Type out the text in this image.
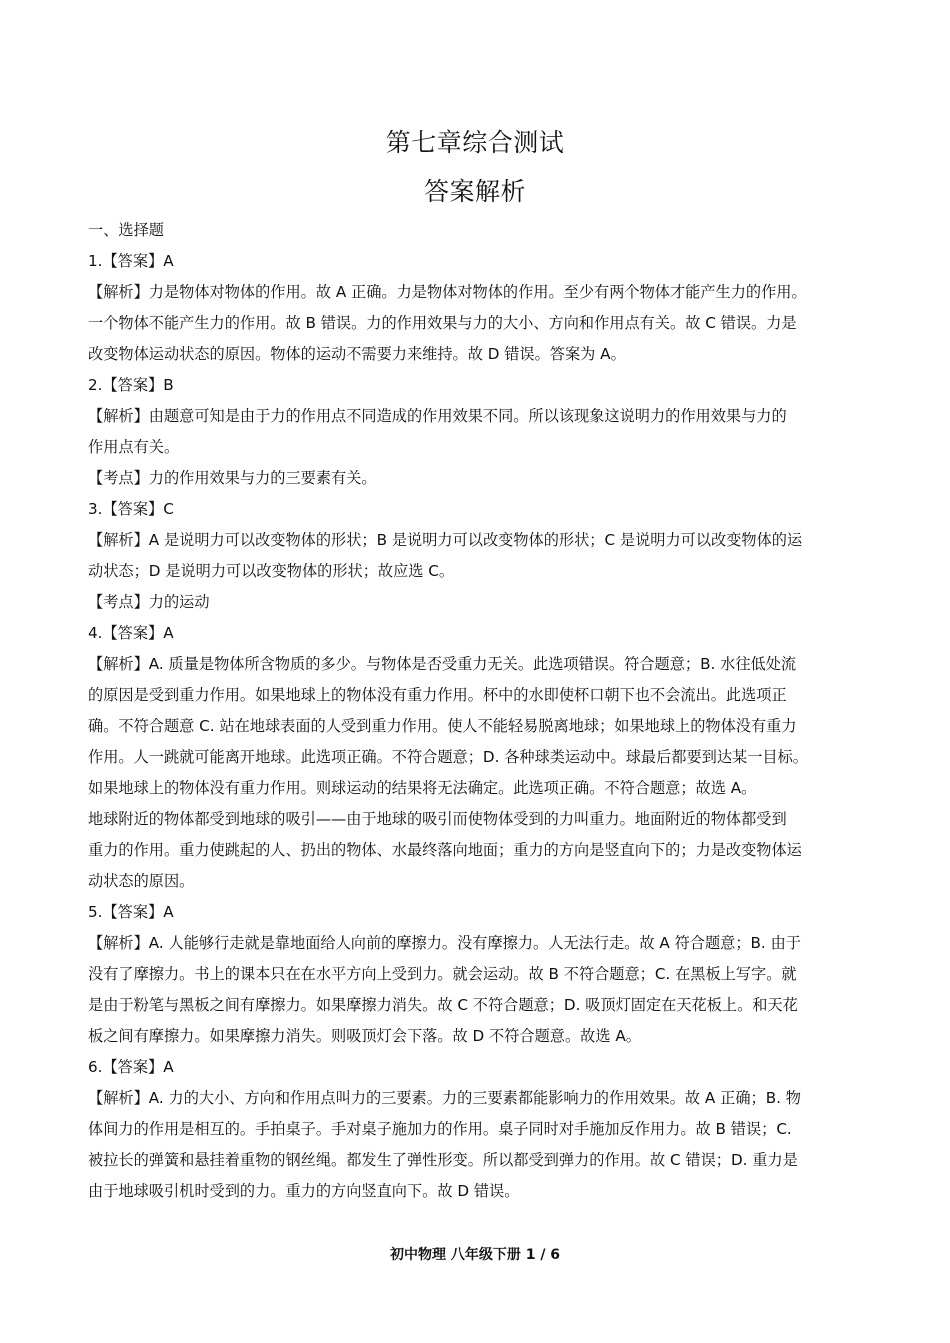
第七章综合测试
答案解析
一、选择题
1.【答案】A
【解析】力是物体对物体的作用。故 A 正确。力是物体对物体的作用。至少有两个物体才能产生力的作用。
一个物体不能产生力的作用。故 B 错误。力的作用效果与力的大小、方向和作用点有关。故 C 错误。力是
改变物体运动状态的原因。物体的运动不需要力来维持。故 D 错误。答案为 A。
2.【答案】B
【解析】由题意可知是由于力的作用点不同造成的作用效果不同。所以该现象这说明力的作用效果与力的
作用点有关。
【考点】力的作用效果与力的三要素有关。
3.【答案】C
【解析】A 是说明力可以改变物体的形状；B 是说明力可以改变物体的形状；C 是说明力可以改变物体的运
动状态；D 是说明力可以改变物体的形状；故应选 C。
【考点】力的运动
4.【答案】A
【解析】A. 质量是物体所含物质的多少。与物体是否受重力无关。此选项错误。符合题意；B. 水往低处流
的原因是受到重力作用。如果地球上的物体没有重力作用。杯中的水即使杯口朝下也不会流出。此选项正
确。不符合题意 C. 站在地球表面的人受到重力作用。使人不能轻易脱离地球；如果地球上的物体没有重力
作用。人一跳就可能离开地球。此选项正确。不符合题意；D. 各种球类运动中。球最后都要到达某一目标。
如果地球上的物体没有重力作用。则球运动的结果将无法确定。此选项正确。不符合题意；故选 A。
地球附近的物体都受到地球的吸引——由于地球的吸引而使物体受到的力叫重力。地面附近的物体都受到
重力的作用。重力使跳起的人、扔出的物体、水最终落向地面；重力的方向是竖直向下的；力是改变物体运
动状态的原因。
5.【答案】A
【解析】A. 人能够行走就是靠地面给人向前的摩擦力。没有摩擦力。人无法行走。故 A 符合题意；B. 由于
没有了摩擦力。书上的课本只在在水平方向上受到力。就会运动。故 B 不符合题意；C. 在黑板上写字。就
是由于粉笔与黑板之间有摩擦力。如果摩擦力消失。故 C 不符合题意；D. 吸顶灯固定在天花板上。和天花
板之间有摩擦力。如果摩擦力消失。则吸顶灯会下落。故 D 不符合题意。故选 A。
6.【答案】A
【解析】A. 力的大小、方向和作用点叫力的三要素。力的三要素都能影响力的作用效果。故 A 正确；B. 物
体间力的作用是相互的。手拍桌子。手对桌子施加力的作用。桌子同时对手施加反作用力。故 B 错误；C.
被拉长的弹簧和悬挂着重物的钢丝绳。都发生了弹性形变。所以都受到弹力的作用。故 C 错误；D. 重力是
由于地球吸引机时受到的力。重力的方向竖直向下。故 D 错误。
初中物理 八年级下册 1 / 6
